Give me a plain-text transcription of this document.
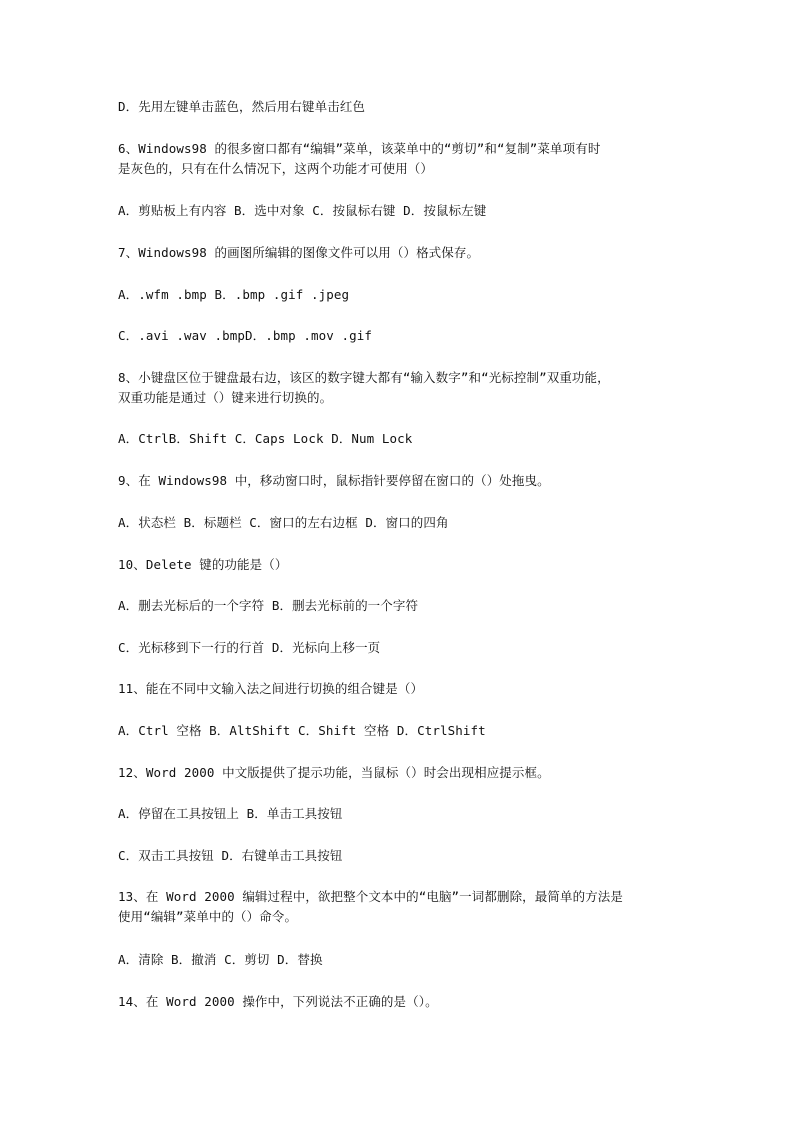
D．先用左键单击蓝色，然后用右键单击红色
6、Windows98 的很多窗口都有“编辑”菜单，该菜单中的“剪切”和“复制”菜单项有时
是灰色的，只有在什么情况下，这两个功能才可使用（）
A．剪贴板上有内容 B．选中对象 C．按鼠标右键 D．按鼠标左键
7、Windows98 的画图所编辑的图像文件可以用（）格式保存。
A．.wfm .bmp B．.bmp .gif .jpeg
C．.avi .wav .bmpD．.bmp .mov .gif
8、小键盘区位于键盘最右边，该区的数字键大都有“输入数字”和“光标控制”双重功能，
双重功能是通过（）键来进行切换的。
A．CtrlB．Shift C．Caps Lock D．Num Lock
9、在 Windows98 中，移动窗口时，鼠标指针要停留在窗口的（）处拖曳。
A．状态栏 B．标题栏 C．窗口的左右边框 D．窗口的四角
10、Delete 键的功能是（）
A．删去光标后的一个字符 B．删去光标前的一个字符
C．光标移到下一行的行首 D．光标向上移一页
11、能在不同中文输入法之间进行切换的组合键是（）
A．Ctrl 空格 B．AltShift C．Shift 空格 D．CtrlShift
12、Word 2000 中文版提供了提示功能，当鼠标（）时会出现相应提示框。
A．停留在工具按钮上 B．单击工具按钮
C．双击工具按钮 D．右键单击工具按钮
13、在 Word 2000 编辑过程中，欲把整个文本中的“电脑”一词都删除，最简单的方法是
使用“编辑”菜单中的（）命令。
A．清除 B．撤消 C．剪切 D．替换
14、在 Word 2000 操作中，下列说法不正确的是（）。
